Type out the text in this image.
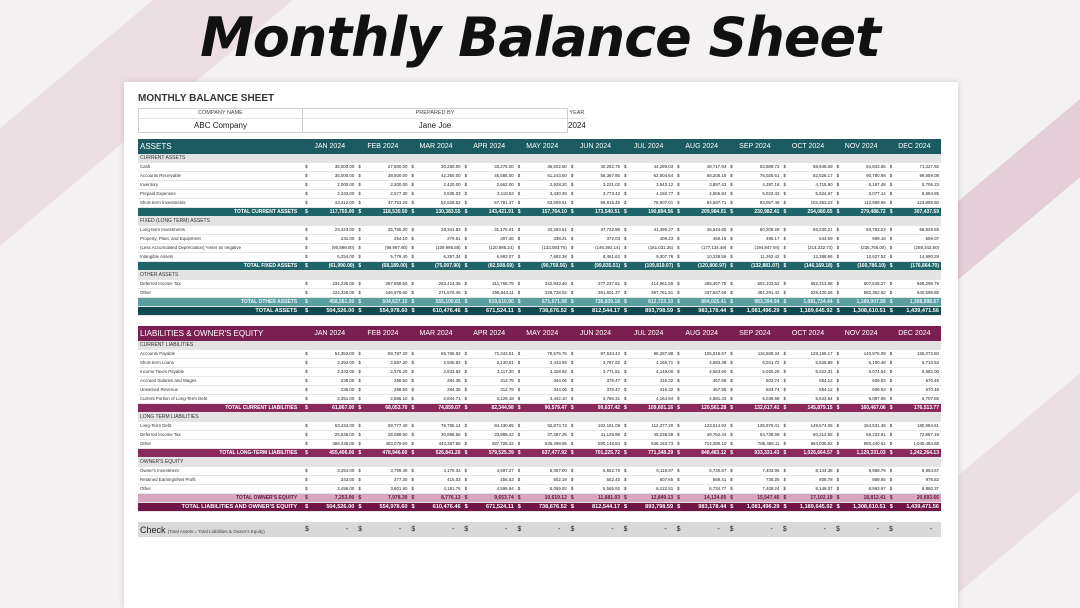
Monthly Balance Sheet
MONTHLY BALANCE SHEET
COMPANY NAME	PREPARED BY	YEAR
ABC Company	Jane Joe	2024
ASSETS	JAN 2024	FEB 2024	MAR 2024	APR 2024	MAY 2024	JUN 2024	JUL 2024	AUG 2024	SEP 2024	OCT 2024	NOV 2024	DEC 2024
CURRENT ASSETS												
Cash	$ 35,000.00	$ 27,500.00	$ 30,250.00	$ 33,275.00	$ 36,602.50	$ 40,262.75	$ 44,289.03	$ 48,717.93	$ 53,589.72	$ 58,948.69	$ 64,843.56	$ 71,327.92
Accounts Receivable	$ 35,000.00	$ 38,500.00	$ 42,350.00	$ 46,585.00	$ 51,243.50	$ 56,367.85	$ 62,004.64	$ 68,205.10	$ 75,025.61	$ 82,528.17	$ 90,780.99	$ 99,859.08
Inventory	$ 2,000.00	$ 2,200.00	$ 2,420.00	$ 2,662.00	$ 2,928.20	$ 3,221.02	$ 3,543.12	$ 3,897.43	$ 4,287.18	$ 4,715.90	$ 5,187.48	$ 5,706.23
Prepaid Expenses	$ 2,343.00	$ 2,577.30	$ 2,835.03	$ 3,118.53	$ 3,430.39	$ 3,773.42	$ 4,150.77	$ 4,565.84	$ 5,022.43	$ 5,524.67	$ 6,077.14	$ 6,684.85
Short-term Investments	$ 43,412.00	$ 47,753.20	$ 52,528.52	$ 57,781.37	$ 63,559.51	$ 69,915.46	$ 76,907.01	$ 84,597.71	$ 93,057.48	$ 102,363.23	$ 112,599.55	$ 123,859.50
TOTAL CURRENT ASSETS	$ 117,755.00	$ 118,530.50	$ 130,383.55	$ 143,421.91	$ 157,764.10	$ 173,540.51	$ 190,894.56	$ 209,984.01	$ 230,982.41	$ 254,080.65	$ 279,488.72	$ 307,437.59
FIXED (LONG TERM) ASSETS												
Long-term Investments	$ 23,423.00	$ 25,765.30	$ 28,341.83	$ 31,176.01	$ 34,293.61	$ 37,722.98	$ 41,495.27	$ 45,644.80	$ 50,209.28	$ 55,230.21	$ 60,753.23	$ 66,828.55
Property, Plant, and Equipment	$ 231.00	$ 254.10	$ 279.51	$ 307.46	$ 338.21	$ 372.03	$ 409.23	$ 450.15	$ 495.17	$ 544.69	$ 599.16	$ 659.07
(Less Accumulated Depreciation) *enter as negative	$ (90,898.00)	$ (99,987.80)	$ (109,986.58)	$ (120,985.24)	$ (133,083.76)	$ (146,392.14)	$ (161,031.35)	$ (177,134.49)	$ (194,847.94)	$ (214,332.73)	$ (235,766.00)	$ (259,342.60)
Intangible Assets	$ 5,254.00	$ 5,779.40	$ 6,357.34	$ 6,993.07	$ 7,692.38	$ 8,461.62	$ 9,307.78	$ 10,238.56	$ 11,262.42	$ 12,388.66	$ 13,627.52	$ 14,990.28
TOTAL FIXED ASSETS	$ (61,990.00)	$ (68,189.00)	$ (75,007.90)	$ (82,508.69)	$ (90,759.56)	$ (99,835.51)	$ (109,819.07)	$ (120,800.97)	$ (132,881.07)	$ (146,169.18)	$ (160,786.10)	$ (176,864.70)
OTHER ASSETS												
Deferred Income Tax	$ 234,235.00	$ 257,658.50	$ 283,424.35	$ 311,766.79	$ 342,943.46	$ 377,237.81	$ 414,961.59	$ 456,457.75	$ 502,103.52	$ 552,313.88	$ 607,545.27	$ 668,299.79
Other	$ 224,326.00	$ 246,978.60	$ 271,676.46	$ 298,844.11	$ 328,728.52	$ 361,601.37	$ 397,761.51	$ 437,537.66	$ 481,291.42	$ 529,420.56	$ 582,362.62	$ 640,598.88
TOTAL OTHER ASSETS	$ 458,561.00	$ 504,637.10	$ 555,100.81	$ 610,610.90	$ 671,671.98	$ 738,839.18	$ 812,723.10	$ 894,025.41	$ 983,394.94	$ 1,081,734.44	$ 1,189,907.89	$ 1,308,898.67
TOTAL ASSETS	$ 504,526.00	$ 554,978.60	$ 610,476.46	$ 671,524.11	$ 738,676.52	$ 812,544.17	$ 893,798.59	$ 983,178.44	$ 1,081,496.29	$ 1,189,645.92	$ 1,308,610.51	$ 1,439,471.56
LIABILITIES & OWNER'S EQUITY	JAN 2024	FEB 2024	MAR 2024	APR 2024	MAY 2024	JUN 2024	JUL 2024	AUG 2024	SEP 2024	OCT 2024	NOV 2024	DEC 2024
CURRENT LIABILITIES												
Accounts Payable	$ 54,352.00	$ 59,787.20	$ 65,765.92	$ 72,342.51	$ 79,576.76	$ 87,534.44	$ 96,287.88	$ 105,916.67	$ 116,508.34	$ 128,159.17	$ 140,975.09	$ 155,072.60
Short-term Loans	$ 2,352.00	$ 2,587.20	$ 2,845.92	$ 3,130.51	$ 3,443.56	$ 3,787.92	$ 4,166.71	$ 4,583.38	$ 5,041.72	$ 5,545.89	$ 6,100.48	$ 6,710.53
Income Taxes Payable	$ 2,342.00	$ 2,576.20	$ 2,833.82	$ 3,117.20	$ 3,428.92	$ 3,771.81	$ 4,149.00	$ 4,563.90	$ 5,020.28	$ 5,522.31	$ 6,074.54	$ 6,682.00
Accrued Salaries and Wages	$ 235.00	$ 258.50	$ 284.35	$ 312.79	$ 344.06	$ 378.47	$ 416.32	$ 457.95	$ 503.74	$ 554.12	$ 609.53	$ 670.48
Unearned Revenue	$ 235.00	$ 258.50	$ 284.35	$ 312.79	$ 344.06	$ 378.47	$ 416.32	$ 457.95	$ 503.74	$ 554.12	$ 609.53	$ 670.48
Current Portion of Long-Term Debt	$ 2,351.00	$ 2,586.10	$ 2,844.71	$ 3,129.18	$ 3,442.10	$ 3,786.31	$ 4,164.94	$ 4,581.43	$ 5,039.58	$ 5,543.54	$ 6,097.89	$ 6,707.68
TOTAL CURRENT LIABILITIES	$ 61,867.00	$ 68,053.70	$ 74,859.07	$ 82,344.98	$ 90,579.47	$ 99,637.42	$ 109,601.16	$ 120,561.28	$ 132,617.41	$ 145,879.15	$ 160,467.06	$ 176,513.77
LONG TERM LIABILITIES												
Long-Term Debt	$ 63,434.00	$ 69,777.40	$ 76,755.14	$ 84,430.65	$ 92,873.72	$ 102,161.09	$ 112,377.20	$ 123,614.92	$ 135,976.41	$ 149,574.05	$ 164,531.46	$ 180,984.61
Deferred Income Tax	$ 25,536.00	$ 28,089.60	$ 30,898.56	$ 33,988.42	$ 37,387.26	$ 41,125.98	$ 45,238.58	$ 49,762.44	$ 54,738.68	$ 60,212.55	$ 66,233.81	$ 72,857.19
Other	$ 366,436.00	$ 403,079.60	$ 443,387.56	$ 487,726.32	$ 536,498.95	$ 590,148.84	$ 649,163.73	$ 714,080.10	$ 785,488.11	$ 864,036.92	$ 950,440.61	$ 1,045,484.68
TOTAL LONG-TERM LIABILITIES	$ 455,406.00	$ 478,946.60	$ 526,841.26	$ 579,525.39	$ 637,477.92	$ 701,225.72	$ 771,348.29	$ 848,483.12	$ 933,331.43	$ 1,026,664.57	$ 1,129,331.03	$ 1,242,264.13
OWNER'S EQUITY												
Owner's Investment	$ 3,454.00	$ 3,799.40	$ 4,179.34	$ 4,597.27	$ 5,057.00	$ 5,562.70	$ 6,118.97	$ 6,730.87	$ 7,403.96	$ 8,144.35	$ 8,958.79	$ 9,854.67
Retained Earnings/Net Profit	$ 343.00	$ 377.30	$ 415.03	$ 456.53	$ 502.19	$ 552.40	$ 607.65	$ 668.41	$ 735.25	$ 808.78	$ 889.65	$ 978.62
Other	$ 3,456.00	$ 3,801.60	$ 4,181.76	$ 4,599.94	$ 5,059.93	$ 5,565.92	$ 6,122.51	$ 6,734.77	$ 7,408.24	$ 8,149.07	$ 8,963.97	$ 9,860.37
TOTAL OWNER'S EQUITY	$ 7,253.00	$ 7,978.30	$ 8,776.13	$ 9,653.74	$ 10,619.12	$ 11,681.03	$ 12,849.13	$ 14,134.05	$ 15,547.45	$ 17,102.19	$ 18,812.41	$ 20,693.66
TOTAL LIABILITIES AND OWNER'S EQUITY	$ 504,526.00	$ 554,978.60	$ 610,476.46	$ 671,524.11	$ 738,676.52	$ 812,544.17	$ 893,798.59	$ 983,178.44	$ 1,081,496.29	$ 1,189,645.92	$ 1,308,610.51	$ 1,439,471.56
Check (Total Assets = Total Liabilities & Owner's Equity)	$	- $	- $	- $	- $	- $	- $	- $	- $	- $	- $	- $	-
